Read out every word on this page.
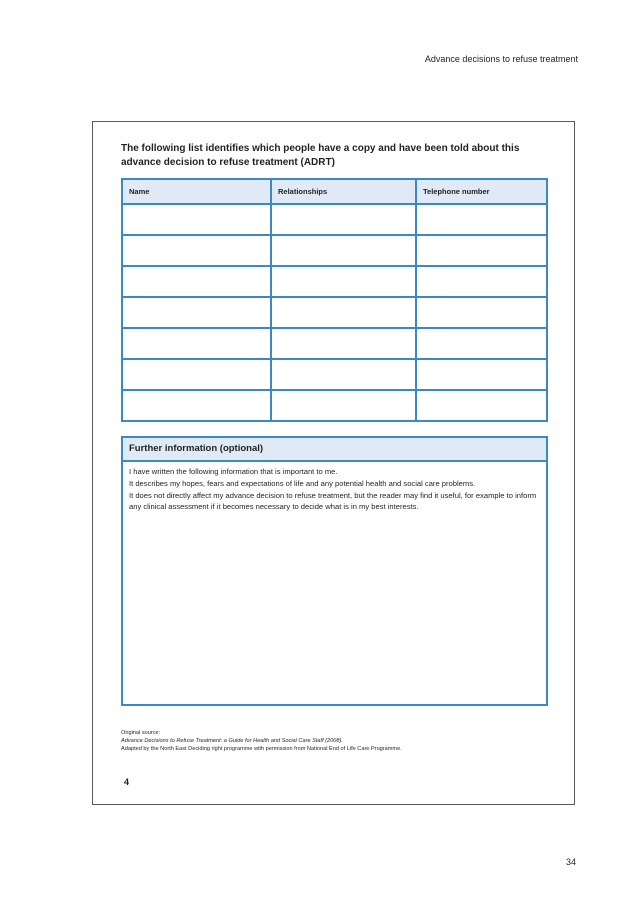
Advance decisions to refuse treatment
The following list identifies which people have a copy and have been told about this
advance decision to refuse treatment (ADRT)
Name	Relationships	Telephone number

Further information (optional)

I have written the following information that is important to me.

It describes my hopes, fears and expectations of life and any potential health and social care problems.

It does not directly affect my advance decision to refuse treatment, but the reader may find it useful, for example to inform any clinical assessment if it becomes necessary to decide what is in my best interests.

Original source:
Advance Decisions to Refuse Treatment: a Guide for Health and Social Care Staff (2008).
Adapted by the North East Deciding right programme with permission from National End of Life Care Programme.
4
34
